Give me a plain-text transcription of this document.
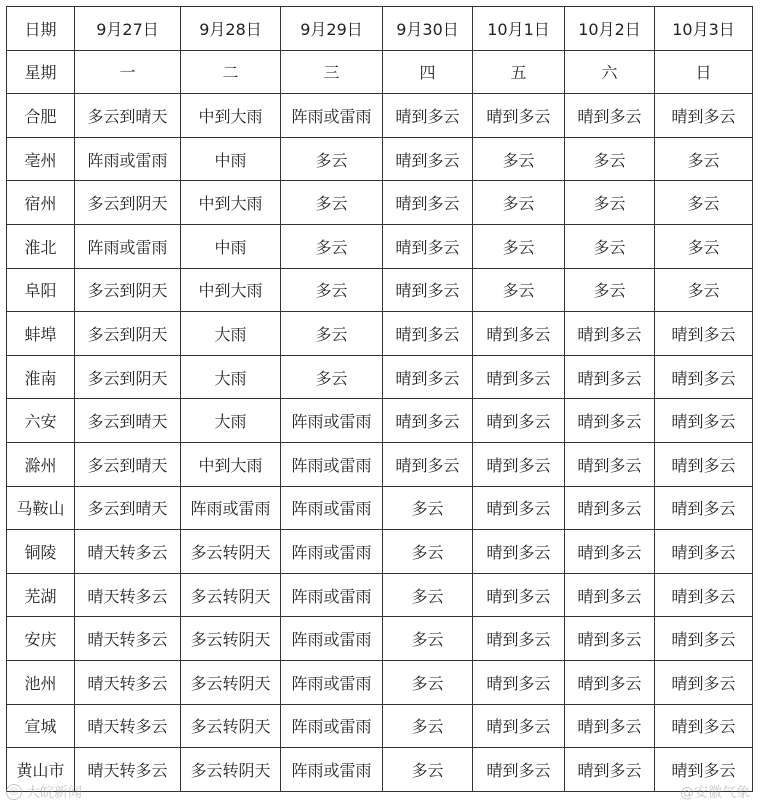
日期	9月27日	9月28日	9月29日	9月30日	10月1日	10月2日	10月3日
星期	一	二	三	四	五	六	日
合肥	多云到晴天	中到大雨	阵雨或雷雨	晴到多云	晴到多云	晴到多云	晴到多云
亳州	阵雨或雷雨	中雨	多云	晴到多云	多云	多云	多云
宿州	多云到阴天	中到大雨	多云	晴到多云	多云	多云	多云
淮北	阵雨或雷雨	中雨	多云	晴到多云	多云	多云	多云
阜阳	多云到阴天	中到大雨	多云	晴到多云	多云	多云	多云
蚌埠	多云到阴天	大雨	多云	晴到多云	晴到多云	晴到多云	晴到多云
淮南	多云到阴天	大雨	多云	晴到多云	晴到多云	晴到多云	晴到多云
六安	多云到晴天	大雨	阵雨或雷雨	晴到多云	晴到多云	晴到多云	晴到多云
滁州	多云到晴天	中到大雨	阵雨或雷雨	晴到多云	晴到多云	晴到多云	晴到多云
马鞍山	多云到晴天	阵雨或雷雨	阵雨或雷雨	多云	晴到多云	晴到多云	晴到多云
铜陵	晴天转多云	多云转阴天	阵雨或雷雨	多云	晴到多云	晴到多云	晴到多云
芜湖	晴天转多云	多云转阴天	阵雨或雷雨	多云	晴到多云	晴到多云	晴到多云
安庆	晴天转多云	多云转阴天	阵雨或雷雨	多云	晴到多云	晴到多云	晴到多云
池州	晴天转多云	多云转阴天	阵雨或雷雨	多云	晴到多云	晴到多云	晴到多云
宣城	晴天转多云	多云转阴天	阵雨或雷雨	多云	晴到多云	晴到多云	晴到多云
黄山市	晴天转多云	多云转阴天	阵雨或雷雨	多云	晴到多云	晴到多云	晴到多云
◎ 大皖新闻	@安徽气象
